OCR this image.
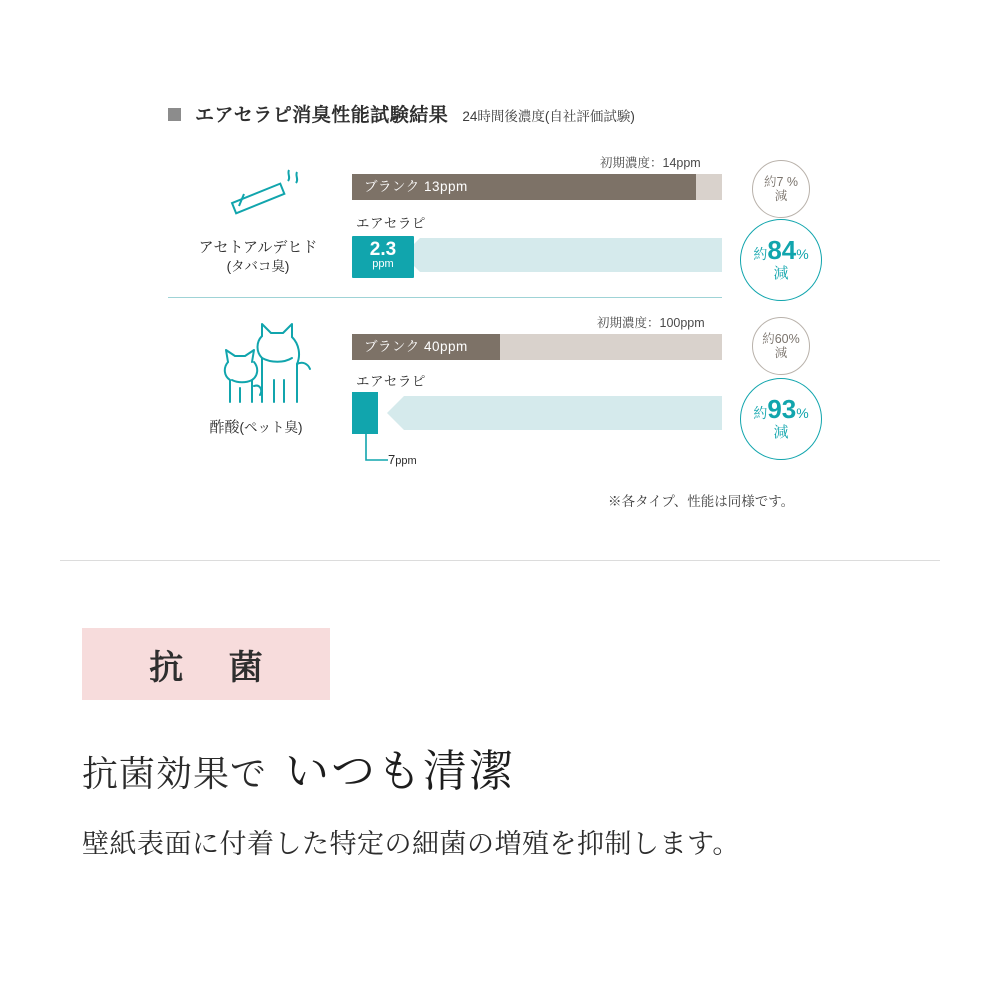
エアセラピ消臭性能試験結果 24時間後濃度(自社評価試験)
初期濃度：14ppm
ブランク 13ppm
エアセラピ
2.3
ppm
約7 %
減
約84%
減
アセトアルデヒド
(タバコ臭)
初期濃度：100ppm
ブランク 40ppm
エアセラピ
7ppm
約60%
減
約93%
減
酢酸(ペット臭)
※各タイプ、性能は同様です。
抗 菌
抗菌効果で いつも清潔
壁紙表面に付着した特定の細菌の増殖を抑制します。
